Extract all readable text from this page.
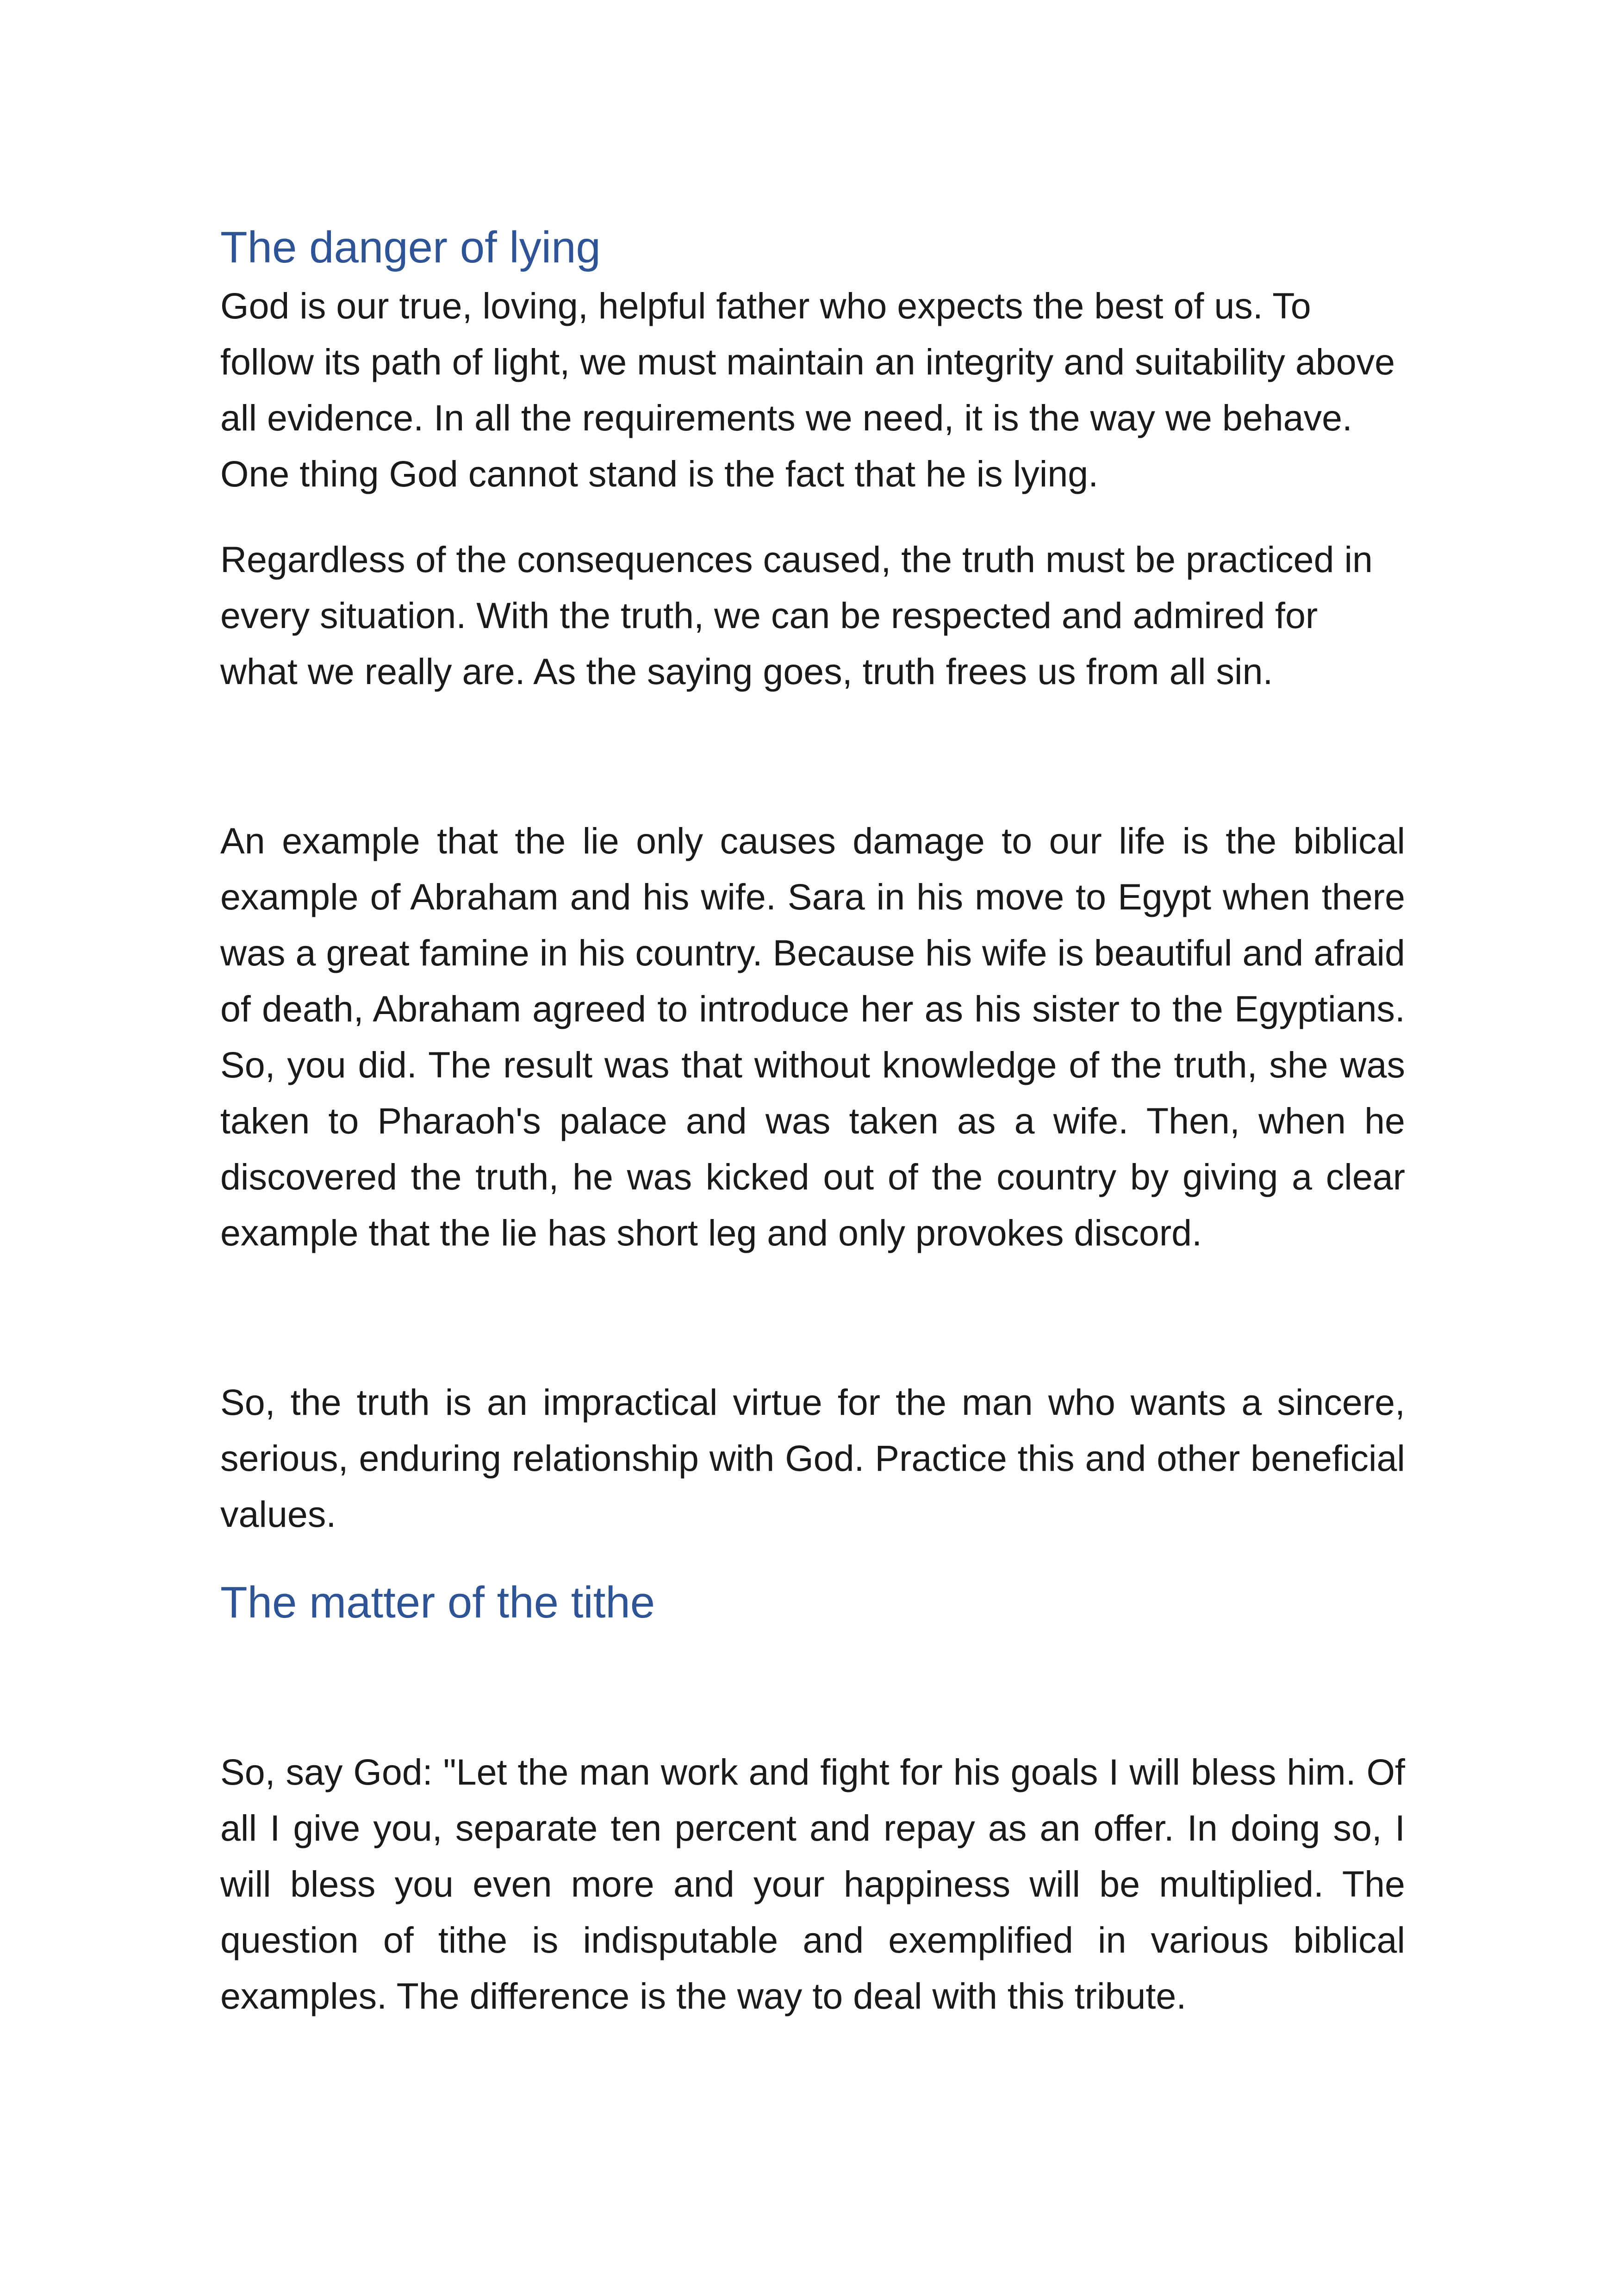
The danger of lying

God is our true, loving, helpful father who expects the best of us. To follow its path of light, we must maintain an integrity and suitability above all evidence. In all the requirements we need, it is the way we behave. One thing God cannot stand is the fact that he is lying.

Regardless of the consequences caused, the truth must be practiced in every situation. With the truth, we can be respected and admired for what we really are. As the saying goes, truth frees us from all sin.

An example that the lie only causes damage to our life is the biblical example of Abraham and his wife. Sara in his move to Egypt when there was a great famine in his country. Because his wife is beautiful and afraid of death, Abraham agreed to introduce her as his sister to the Egyptians. So, you did. The result was that without knowledge of the truth, she was taken to Pharaoh's palace and was taken as a wife. Then, when he discovered the truth, he was kicked out of the country by giving a clear example that the lie has short leg and only provokes discord.

So, the truth is an impractical virtue for the man who wants a sincere, serious, enduring relationship with God. Practice this and other beneficial values.

The matter of the tithe

So, say God: "Let the man work and fight for his goals I will bless him. Of all I give you, separate ten percent and repay as an offer. In doing so, I will bless you even more and your happiness will be multiplied. The question of tithe is indisputable and exemplified in various biblical examples. The difference is the way to deal with this tribute.
